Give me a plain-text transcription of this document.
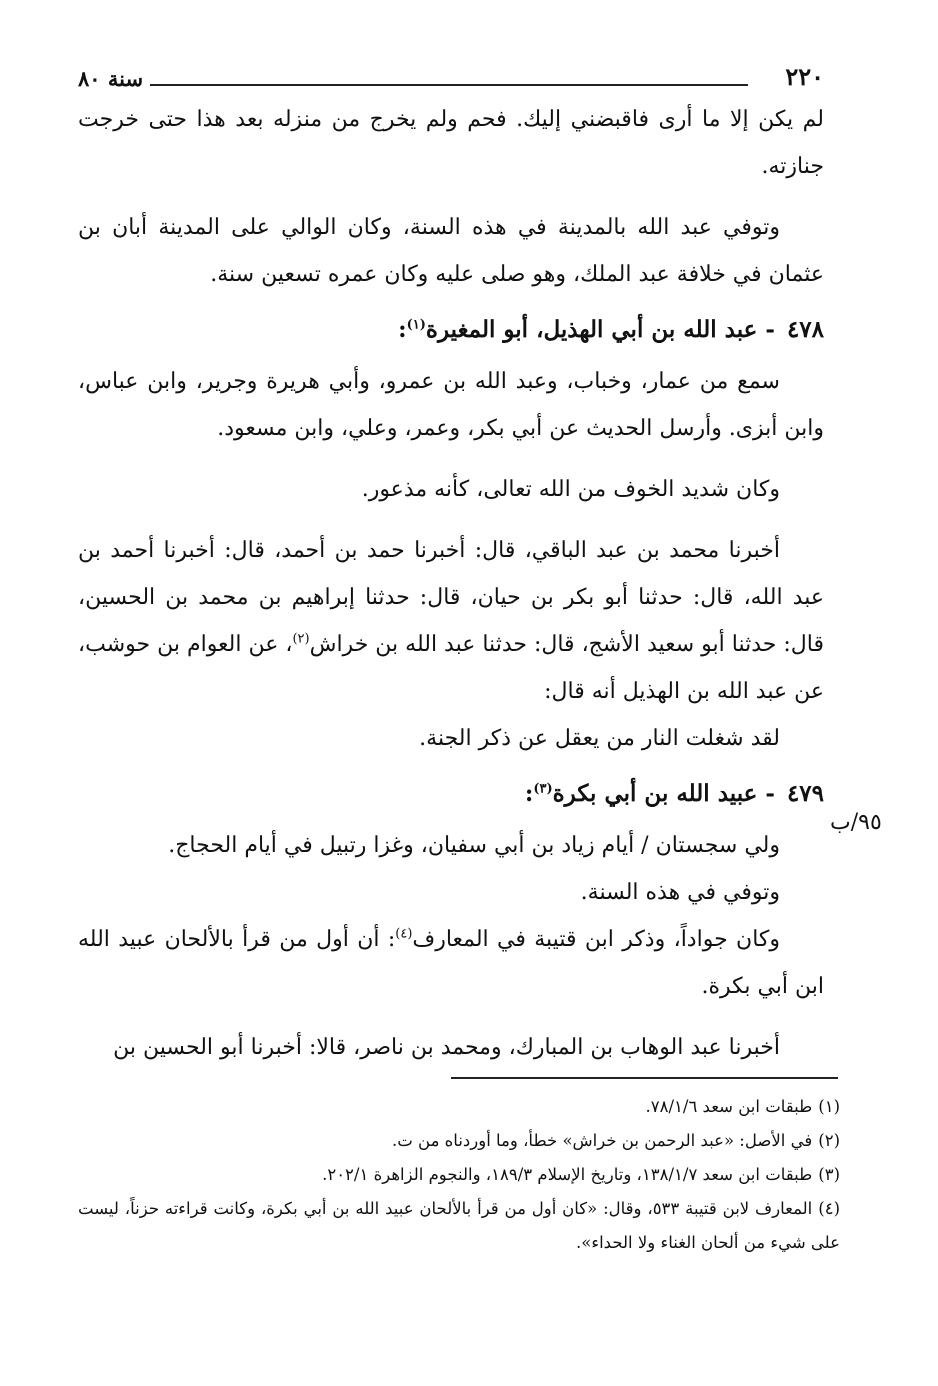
٢٢٠
سنة ٨٠

لم يكن إلا ما أرى فاقبضني إليك. فحم ولم يخرج من منزله بعد هذا حتى خرجت جنازته.

وتوفي عبد الله بالمدينة في هذه السنة، وكان الوالي على المدينة أبان بن عثمان في خلافة عبد الملك، وهو صلى عليه وكان عمره تسعين سنة.

٤٧٨- عبد الله بن أبي الهذيل، أبو المغيرة$^{(١)}$:

سمع من عمار، وخباب، وعبد الله بن عمرو، وأبي هريرة وجرير، وابن عباس، وابن أبزى. وأرسل الحديث عن أبي بكر، وعمر، وعلي، وابن مسعود.

وكان شديد الخوف من الله تعالى، كأنه مذعور.

أخبرنا محمد بن عبد الباقي، قال: أخبرنا حمد بن أحمد، قال: أخبرنا أحمد بن عبد الله، قال: حدثنا أبو بكر بن حيان، قال: حدثنا إبراهيم بن محمد بن الحسين، قال: حدثنا أبو سعيد الأشج، قال: حدثنا عبد الله بن خراش$^{(٢)}$، عن العوام بن حوشب، عن عبد الله بن الهذيل أنه قال:

لقد شغلت النار من يعقل عن ذكر الجنة.

٤٧٩- عبيد الله بن أبي بكرة$^{(٣)}$:

ولي سجستان / أيام زياد بن أبي سفيان، وغزا رتبيل في أيام الحجاج.

وتوفي في هذه السنة.

وكان جواداً، وذكر ابن قتيبة في المعارف$^{(٤)}$: أن أول من قرأ بالألحان عبيد الله ابن أبي بكرة.

أخبرنا عبد الوهاب بن المبارك، ومحمد بن ناصر، قالا: أخبرنا أبو الحسين بن

٩٥/ب

(١)طبقات ابن سعد ٧٨/١/٦.

(٢)في الأصل: «عبد الرحمن بن خراش» خطأ، وما أوردناه من ت.

(٣)طبقات ابن سعد ١٣٨/١/٧، وتاريخ الإسلام ١٨٩/٣، والنجوم الزاهرة ٢٠٢/١.

(٤)المعارف لابن قتيبة ٥٣٣، وقال: «كان أول من قرأ بالألحان عبيد الله بن أبي بكرة، وكانت قراءته حزناً، ليست على شيء من ألحان الغناء ولا الحداء».
